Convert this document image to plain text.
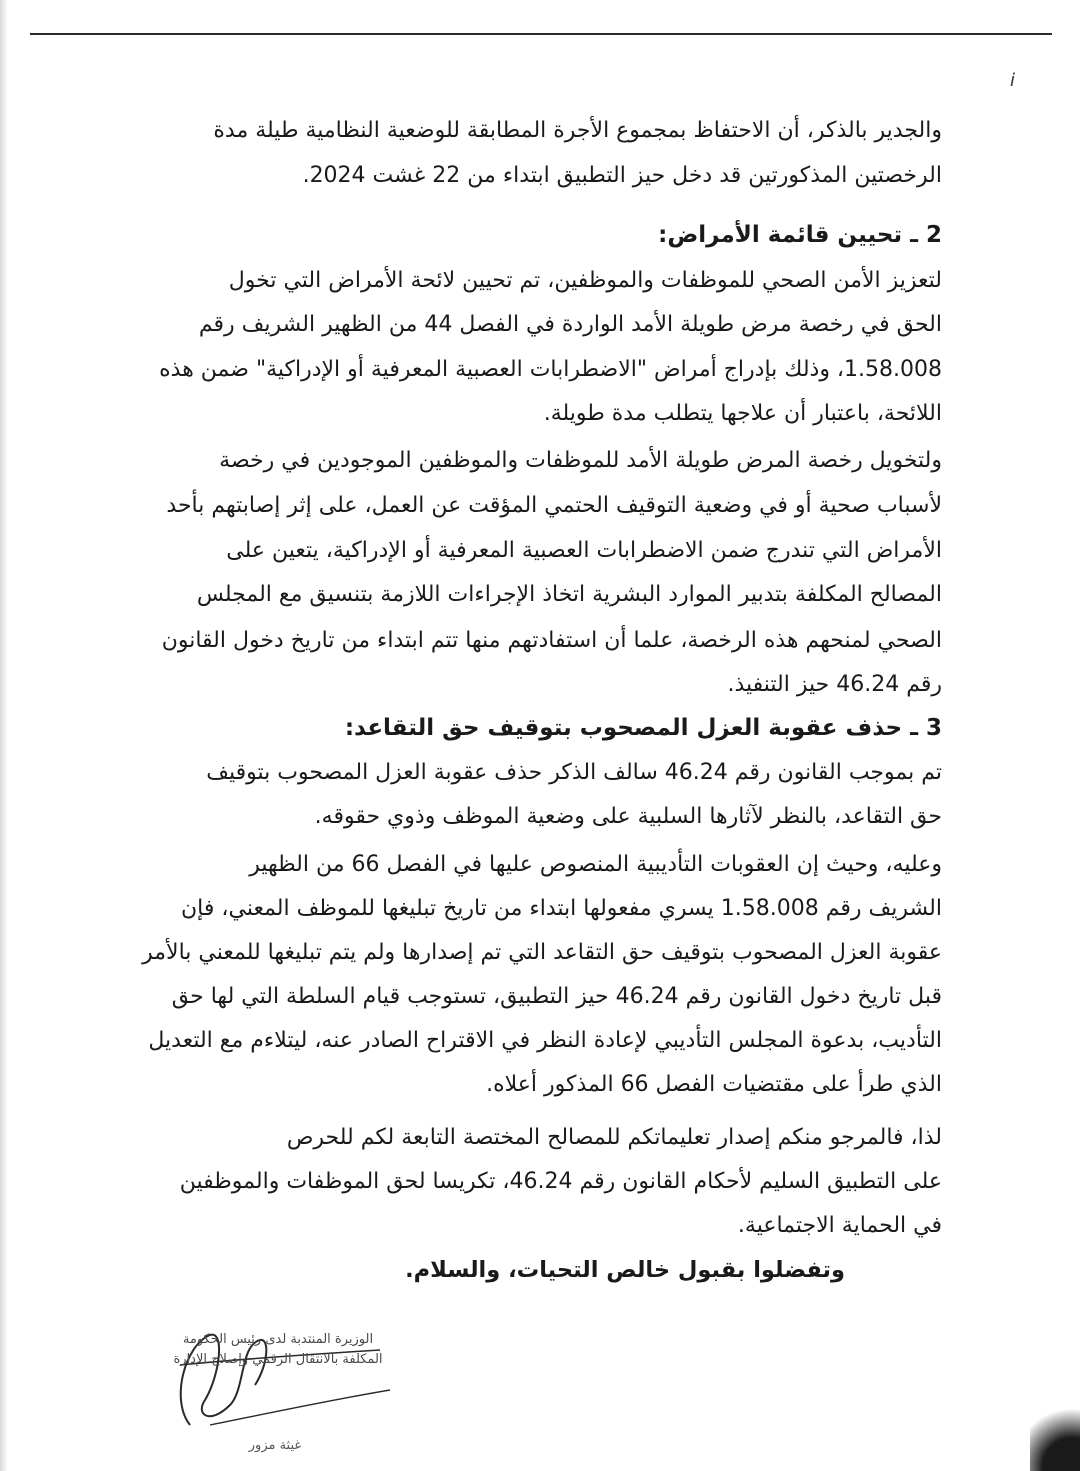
i
والجدير بالذكر، أن الاحتفاظ بمجموع الأجرة المطابقة للوضعية النظامية طيلة مدة
الرخصتين المذكورتين قد دخل حيز التطبيق ابتداء من 22 غشت 2024.
2 ـ تحيين قائمة الأمراض:
لتعزيز الأمن الصحي للموظفات والموظفين، تم تحيين لائحة الأمراض التي تخول
الحق في رخصة مرض طويلة الأمد الواردة في الفصل 44 من الظهير الشريف رقم
1.58.008، وذلك بإدراج أمراض "الاضطرابات العصبية المعرفية أو الإدراكية" ضمن هذه
اللائحة، باعتبار أن علاجها يتطلب مدة طويلة.
ولتخويل رخصة المرض طويلة الأمد للموظفات والموظفين الموجودين في رخصة
لأسباب صحية أو في وضعية التوقيف الحتمي المؤقت عن العمل، على إثر إصابتهم بأحد
الأمراض التي تندرج ضمن الاضطرابات العصبية المعرفية أو الإدراكية، يتعين على
المصالح المكلفة بتدبير الموارد البشرية اتخاذ الإجراءات اللازمة بتنسيق مع المجلس
الصحي لمنحهم هذه الرخصة، علما أن استفادتهم منها تتم ابتداء من تاريخ دخول القانون
رقم 46.24 حيز التنفيذ.
3 ـ حذف عقوبة العزل المصحوب بتوقيف حق التقاعد:
تم بموجب القانون رقم 46.24 سالف الذكر حذف عقوبة العزل المصحوب بتوقيف
حق التقاعد، بالنظر لآثارها السلبية على وضعية الموظف وذوي حقوقه.
وعليه، وحيث إن العقوبات التأديبية المنصوص عليها في الفصل 66 من الظهير
الشريف رقم 1.58.008 يسري مفعولها ابتداء من تاريخ تبليغها للموظف المعني، فإن
عقوبة العزل المصحوب بتوقيف حق التقاعد التي تم إصدارها ولم يتم تبليغها للمعني بالأمر
قبل تاريخ دخول القانون رقم 46.24 حيز التطبيق، تستوجب قيام السلطة التي لها حق
التأديب، بدعوة المجلس التأديبي لإعادة النظر في الاقتراح الصادر عنه، ليتلاءم مع التعديل
الذي طرأ على مقتضيات الفصل 66 المذكور أعلاه.
لذا، فالمرجو منكم إصدار تعليماتكم للمصالح المختصة التابعة لكم للحرص
على التطبيق السليم لأحكام القانون رقم 46.24، تكريسا لحق الموظفات والموظفين
في الحماية الاجتماعية.
وتفضلوا بقبول خالص التحيات، والسلام.
الوزيرة المنتدبة لدى رئيس الحكومة
المكلفة بالانتقال الرقمي وإصلاح الإدارة
غيثة مزور
